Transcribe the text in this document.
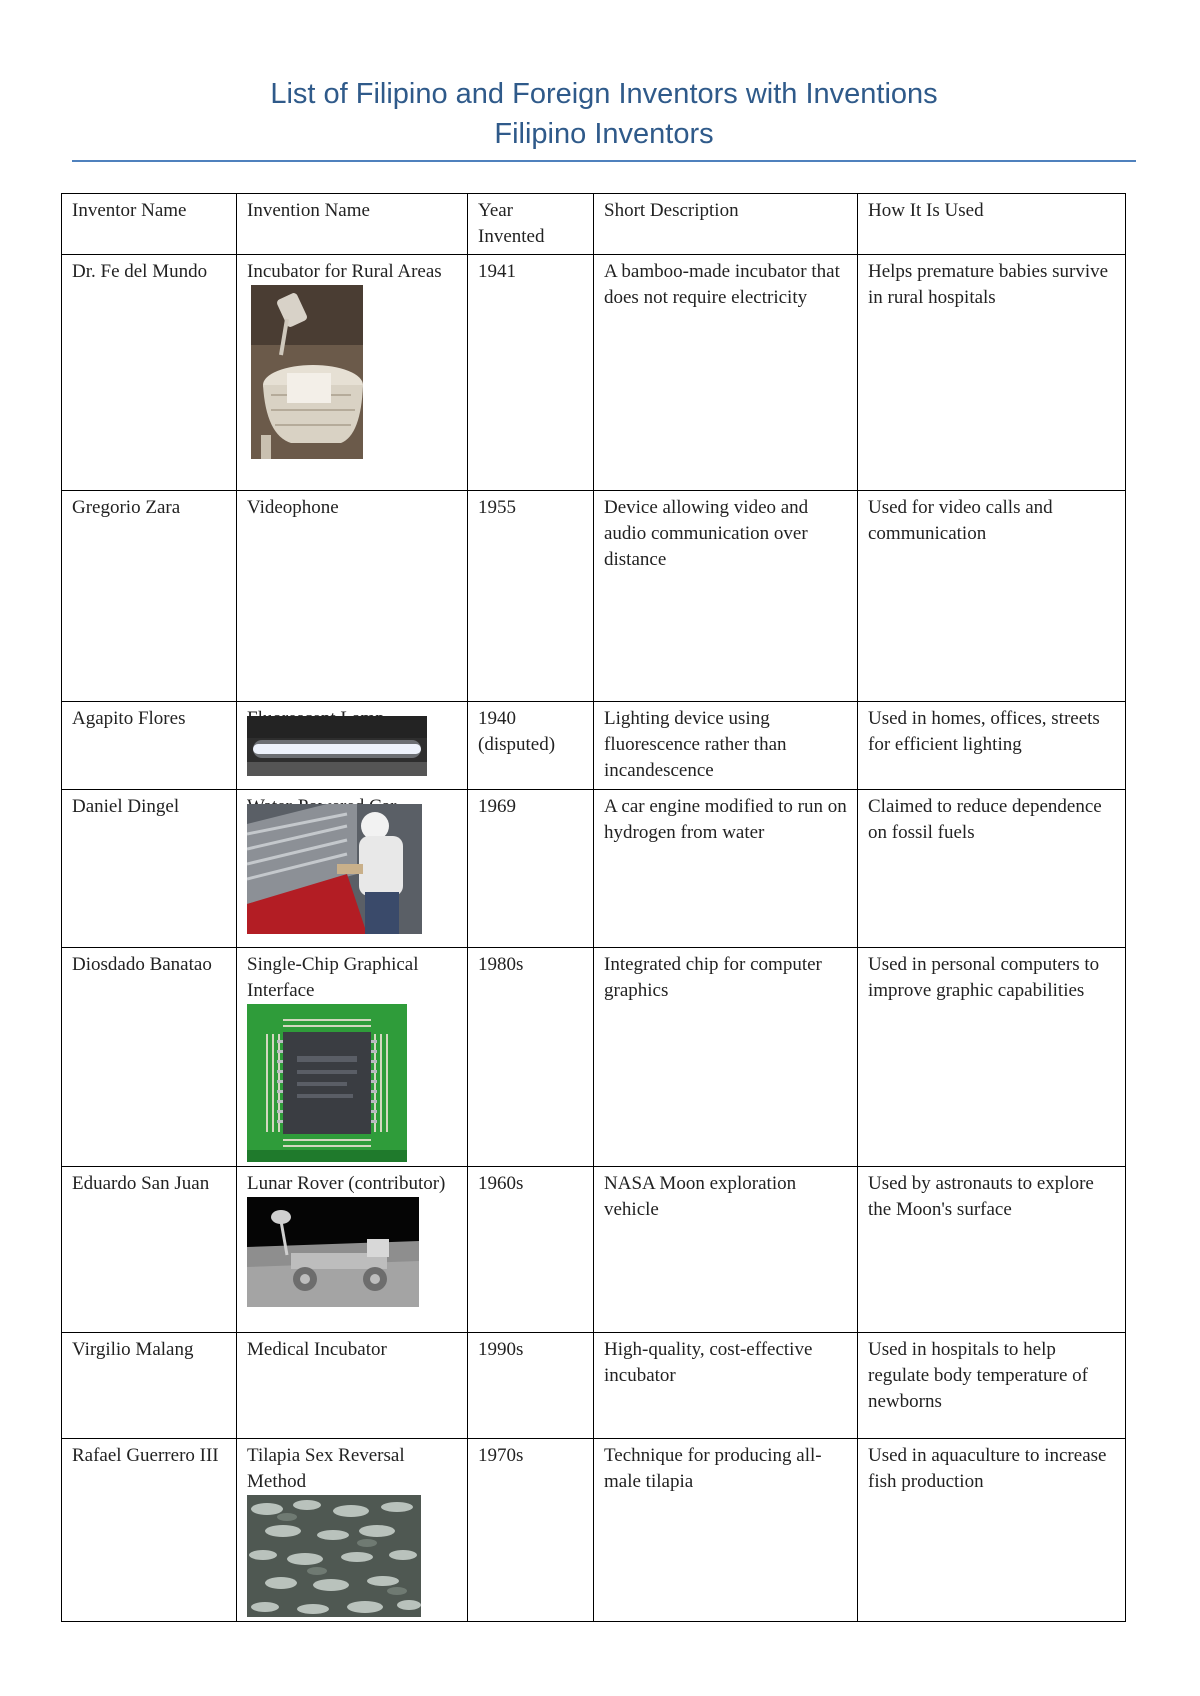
List of Filipino and Foreign Inventors with Inventions
Filipino Inventors
Inventor Name	Invention Name	Year Invented	Short Description	How It Is Used
Dr. Fe del Mundo	Incubator for Rural Areas	1941	A bamboo-made incubator that does not require electricity	Helps premature babies survive in rural hospitals
Gregorio Zara	Videophone	1955	Device allowing video and audio communication over distance	Used for video calls and communication
Agapito Flores		1940 (disputed)	Lighting device using fluorescence rather than incandescence	Used in homes, offices, streets for efficient lighting
Daniel Dingel		1969	A car engine modified to run on hydrogen from water	Claimed to reduce dependence on fossil fuels
Diosdado Banatao	Single-Chip Graphical Interface	1980s	Integrated chip for computer graphics	Used in personal computers to improve graphic capabilities
Eduardo San Juan	Lunar Rover (contributor)	1960s	NASA Moon exploration vehicle	Used by astronauts to explore the Moon's surface
Virgilio Malang	Medical Incubator	1990s	High-quality, cost-effective incubator	Used in hospitals to help regulate body temperature of newborns
Rafael Guerrero III	Tilapia Sex Reversal Method	1970s	Technique for producing all-male tilapia	Used in aquaculture to increase fish production
